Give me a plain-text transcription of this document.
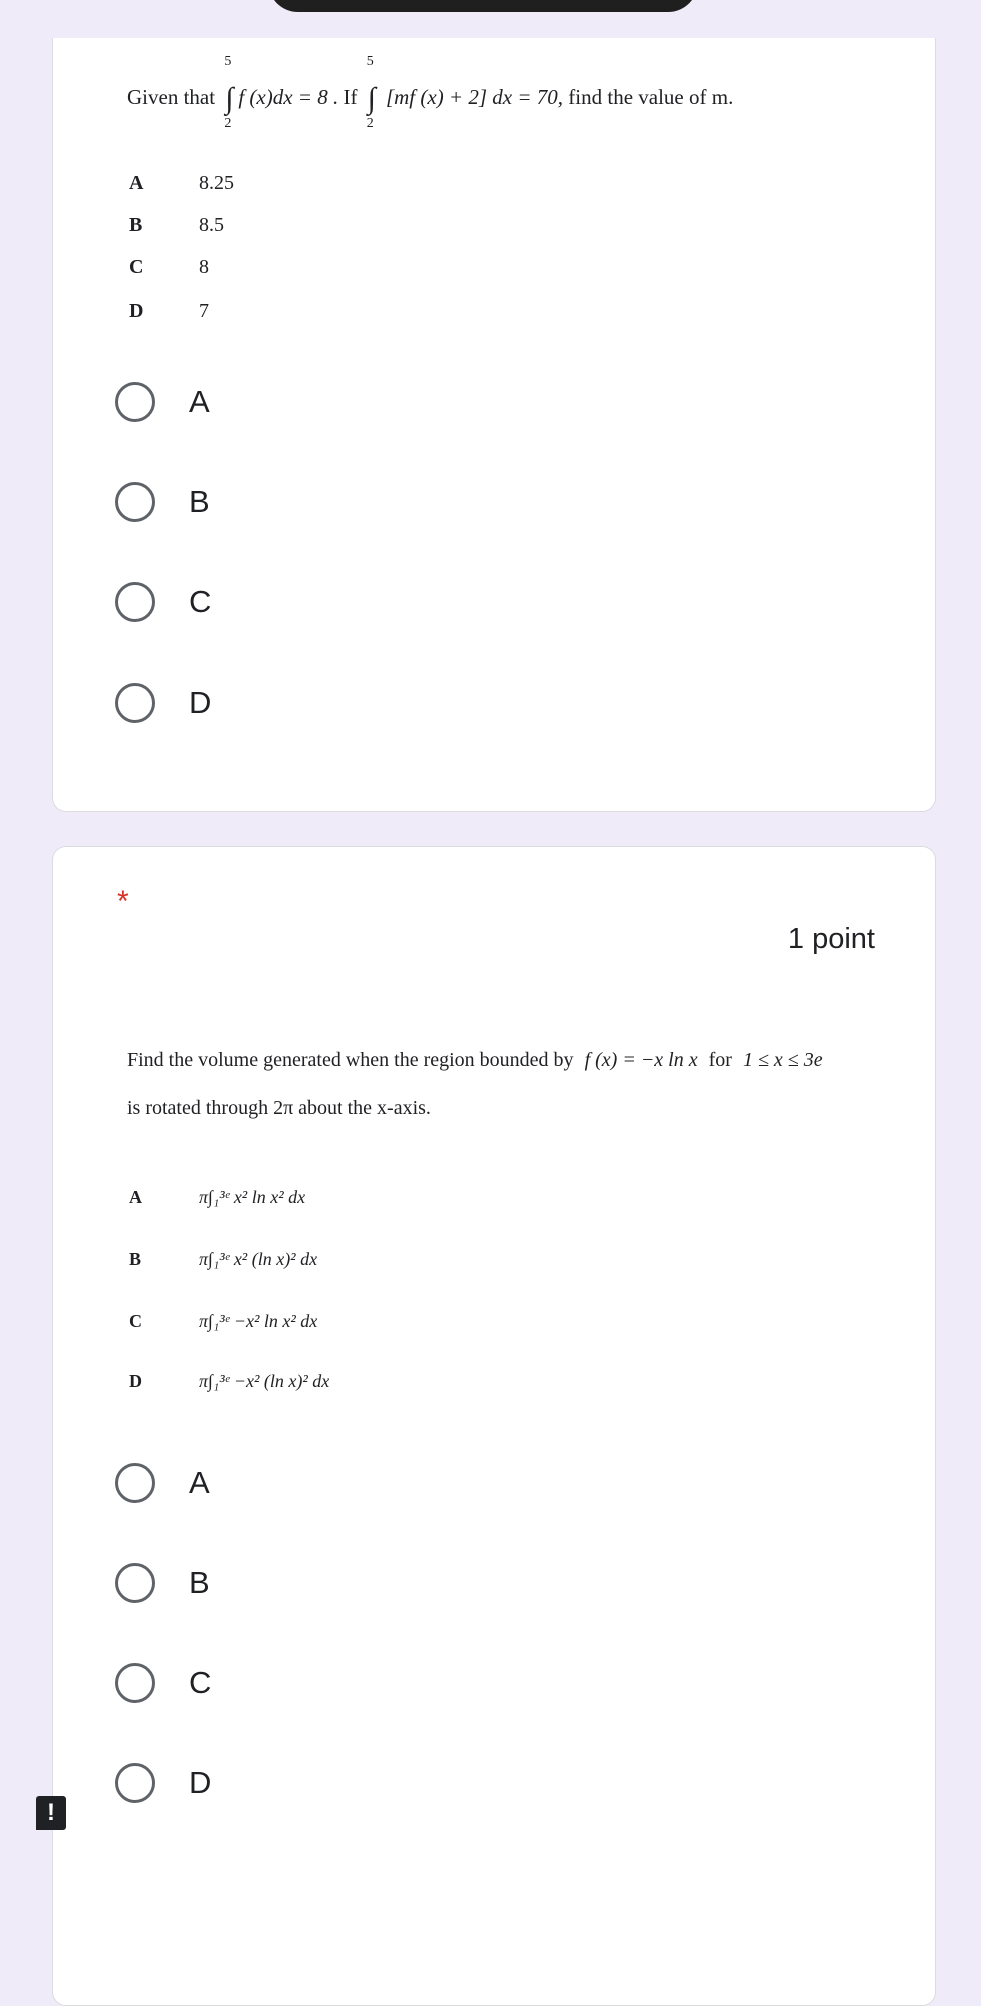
Given that
5
∫
2
f (x)dx = 8 . If
5
∫
2
[mf (x) + 2] dx = 70, find the value of m.
A	8.25
B	8.5
C	8
D	7
A
B
C
D
*
1 point
Find the volume generated when the region bounded by f (x) = −x ln x for 1 ≤ x ≤ 3e
is rotated through 2π about the x-axis.
A	π∫₁³ᵉ x² ln x² dx
B	π∫₁³ᵉ x² (ln x)² dx
C	π∫₁³ᵉ −x² ln x² dx
D	π∫₁³ᵉ −x² (ln x)² dx
A
B
C
D
!
